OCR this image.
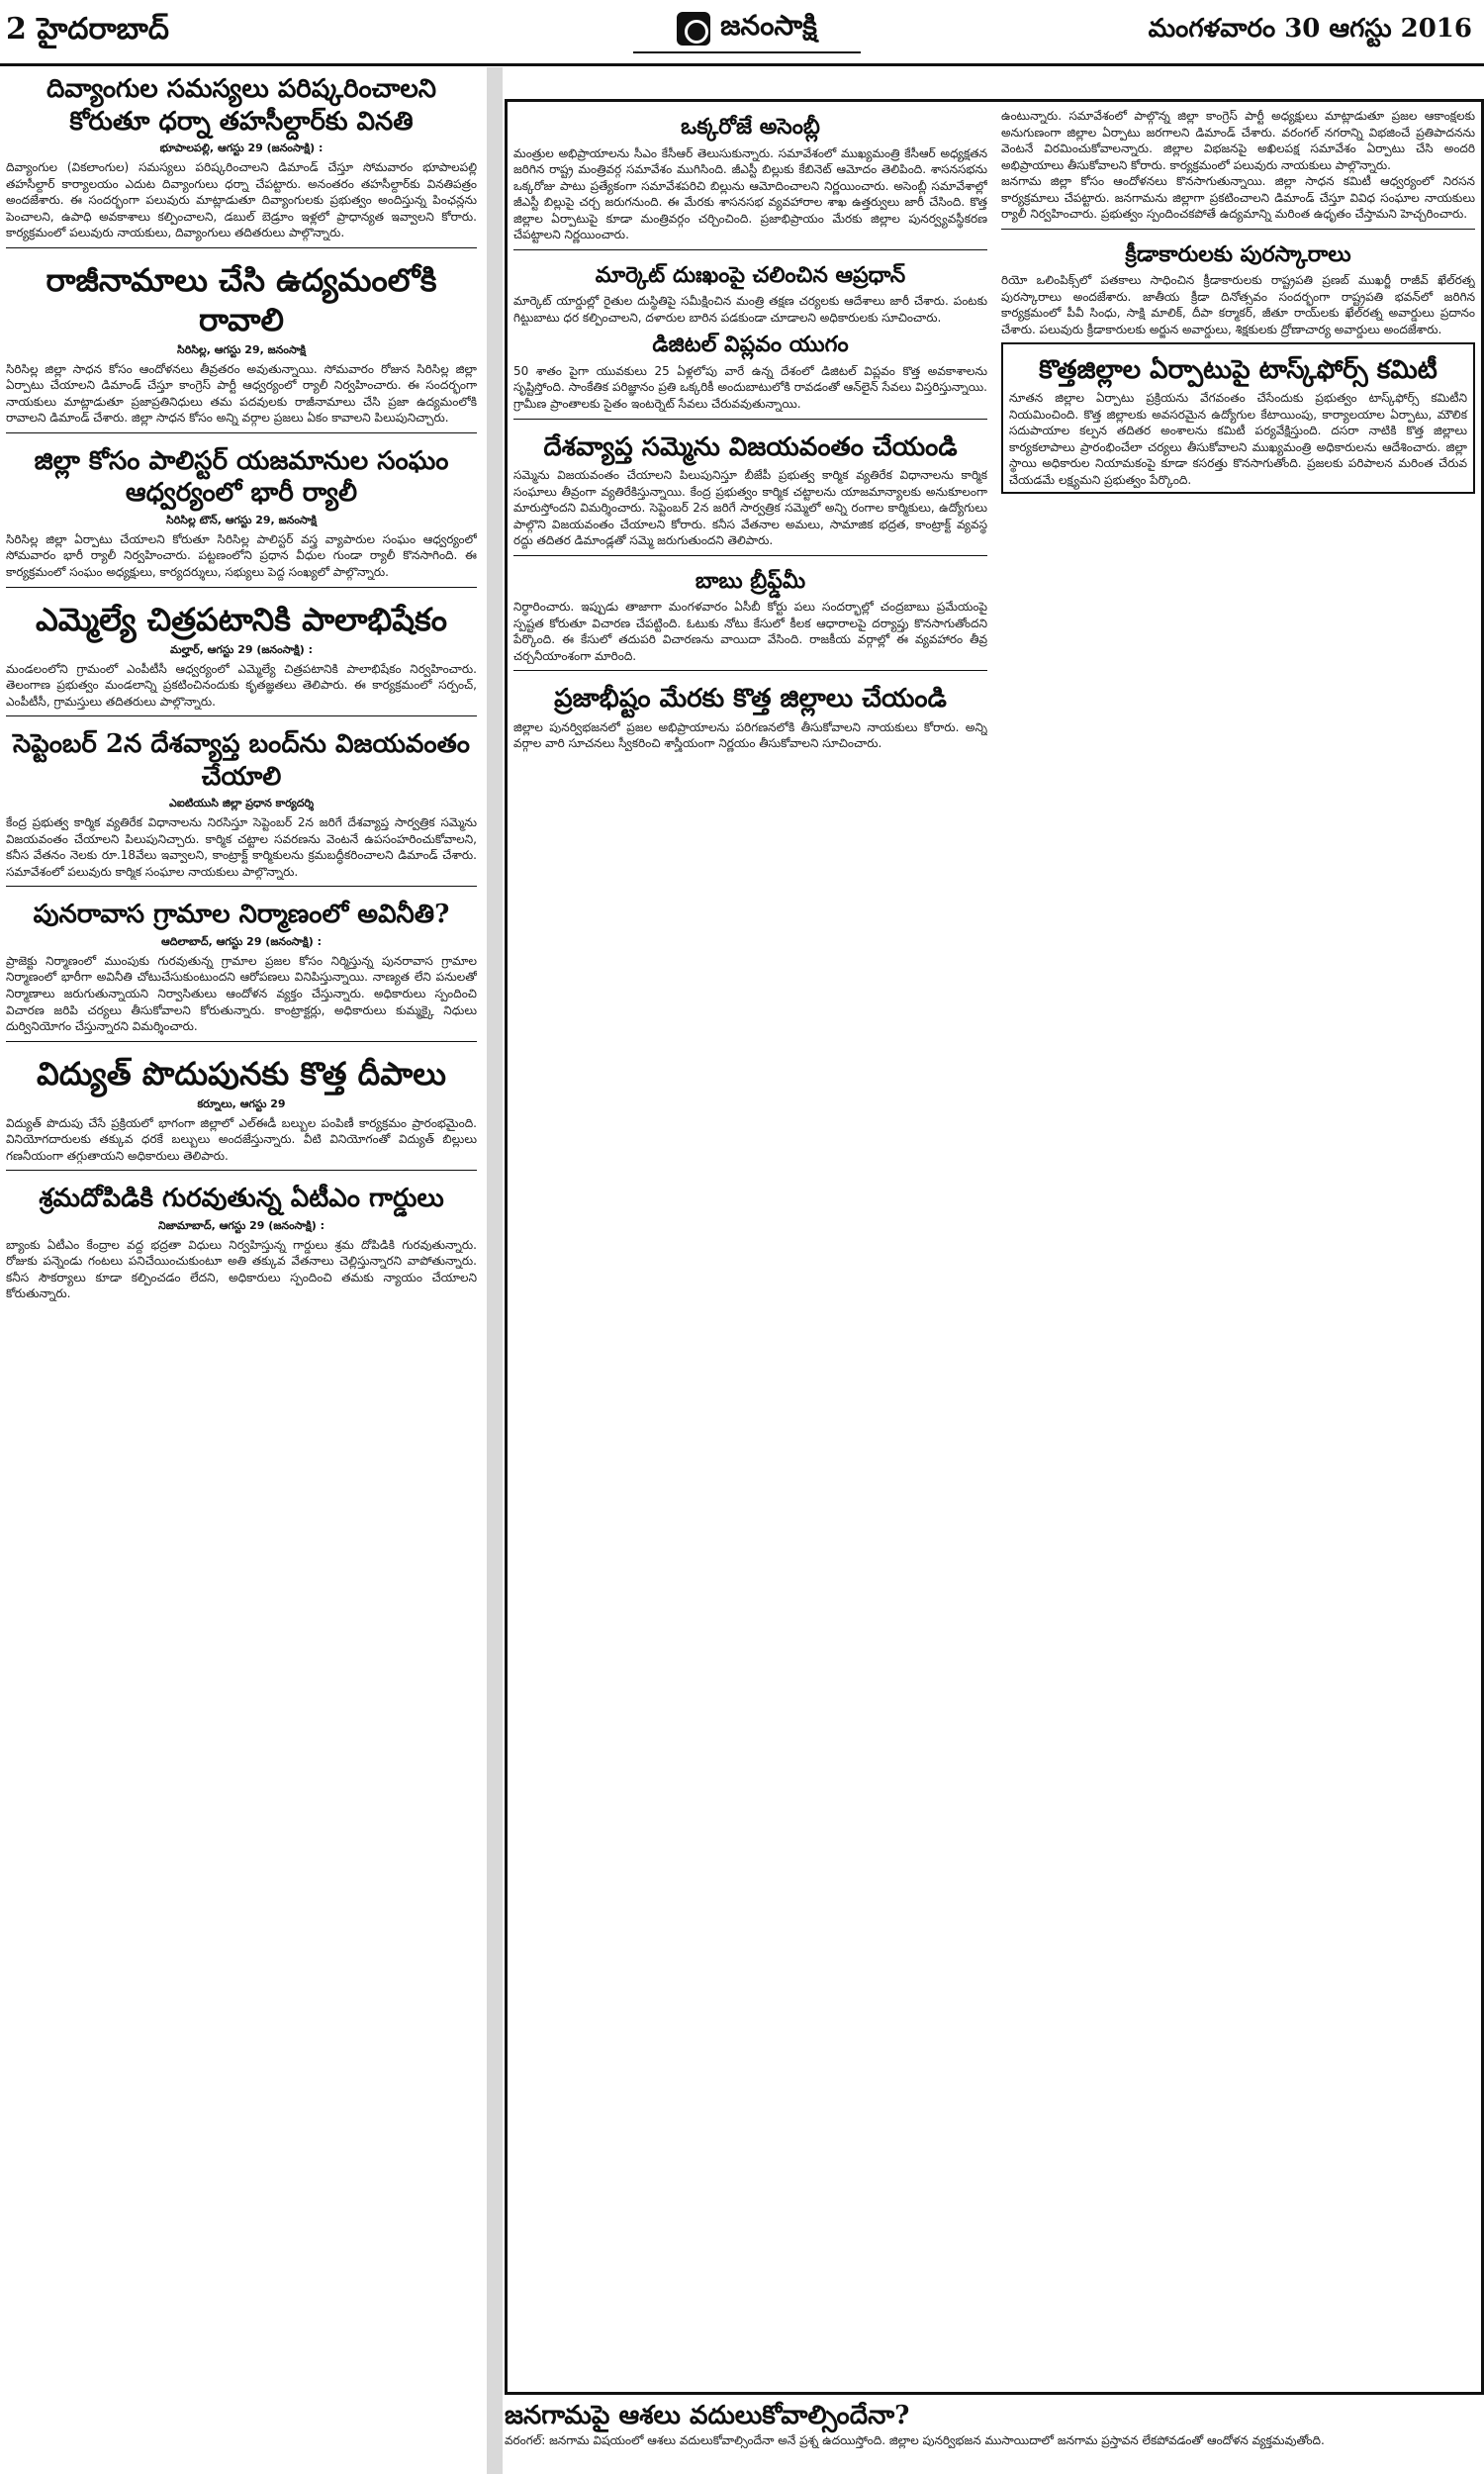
2 హైదరాబాద్	జనంసాక్షి	మంగళవారం 30 ఆగస్టు 2016
దివ్యాంగుల సమస్యలు పరిష్కరించాలని కోరుతూ ధర్నా తహసీల్దార్‌కు వినతి
భూపాలపల్లి, ఆగస్టు 29 (జనంసాక్షి) :

దివ్యాంగుల (వికలాంగుల) సమస్యలు పరిష్కరించాలని డిమాండ్ చేస్తూ సోమవారం భూపాలపల్లి తహసీల్దార్ కార్యాలయం ఎదుట దివ్యాంగులు ధర్నా చేపట్టారు. అనంతరం తహసీల్దార్‌కు వినతిపత్రం అందజేశారు. ఈ సందర్భంగా పలువురు మాట్లాడుతూ దివ్యాంగులకు ప్రభుత్వం అందిస్తున్న పింఛన్లను పెంచాలని, ఉపాధి అవకాశాలు కల్పించాలని, డబుల్ బెడ్రూం ఇళ్లలో ప్రాధాన్యత ఇవ్వాలని కోరారు. కార్యక్రమంలో పలువురు నాయకులు, దివ్యాంగులు తదితరులు పాల్గొన్నారు.

రాజీనామాలు చేసి ఉద్యమంలోకి రావాలి
సిరిసిల్ల, ఆగస్టు 29, జనంసాక్షి

సిరిసిల్ల జిల్లా సాధన కోసం ఆందోళనలు తీవ్రతరం అవుతున్నాయి. సోమవారం రోజున సిరిసిల్ల జిల్లా ఏర్పాటు చేయాలని డిమాండ్ చేస్తూ కాంగ్రెస్ పార్టీ ఆధ్వర్యంలో ర్యాలీ నిర్వహించారు. ఈ సందర్భంగా నాయకులు మాట్లాడుతూ ప్రజాప్రతినిధులు తమ పదవులకు రాజీనామాలు చేసి ప్రజా ఉద్యమంలోకి రావాలని డిమాండ్ చేశారు. జిల్లా సాధన కోసం అన్ని వర్గాల ప్రజలు ఏకం కావాలని పిలుపునిచ్చారు.

జిల్లా కోసం పాలిస్టర్ యజమానుల సంఘం ఆధ్వర్యంలో భారీ ర్యాలీ
సిరిసిల్ల టౌన్, ఆగస్టు 29, జనంసాక్షి

సిరిసిల్ల జిల్లా ఏర్పాటు చేయాలని కోరుతూ సిరిసిల్ల పాలిస్టర్ వస్త్ర వ్యాపారుల సంఘం ఆధ్వర్యంలో సోమవారం భారీ ర్యాలీ నిర్వహించారు. పట్టణంలోని ప్రధాన వీధుల గుండా ర్యాలీ కొనసాగింది. ఈ కార్యక్రమంలో సంఘం అధ్యక్షులు, కార్యదర్శులు, సభ్యులు పెద్ద సంఖ్యలో పాల్గొన్నారు.

ఎమ్మెల్యే చిత్రపటానికి పాలాభిషేకం
మల్హార్, ఆగస్టు 29 (జనంసాక్షి) :

మండలంలోని గ్రామంలో ఎంపీటీసీ ఆధ్వర్యంలో ఎమ్మెల్యే చిత్రపటానికి పాలాభిషేకం నిర్వహించారు. తెలంగాణ ప్రభుత్వం మండలాన్ని ప్రకటించినందుకు కృతజ్ఞతలు తెలిపారు. ఈ కార్యక్రమంలో సర్పంచ్, ఎంపీటీసీ, గ్రామస్తులు తదితరులు పాల్గొన్నారు.

సెప్టెంబర్ 2న దేశవ్యాప్త బంద్‌ను విజయవంతం చేయాలి
ఎఐటియుసి జిల్లా ప్రధాన కార్యదర్శి

కేంద్ర ప్రభుత్వ కార్మిక వ్యతిరేక విధానాలను నిరసిస్తూ సెప్టెంబర్ 2న జరిగే దేశవ్యాప్త సార్వత్రిక సమ్మెను విజయవంతం చేయాలని పిలుపునిచ్చారు. కార్మిక చట్టాల సవరణను వెంటనే ఉపసంహరించుకోవాలని, కనీస వేతనం నెలకు రూ.18వేలు ఇవ్వాలని, కాంట్రాక్ట్ కార్మికులను క్రమబద్ధీకరించాలని డిమాండ్ చేశారు. సమావేశంలో పలువురు కార్మిక సంఘాల నాయకులు పాల్గొన్నారు.

పునరావాస గ్రామాల నిర్మాణంలో అవినీతి?
ఆదిలాబాద్, ఆగస్టు 29 (జనంసాక్షి) :

ప్రాజెక్టు నిర్మాణంలో ముంపుకు గురవుతున్న గ్రామాల ప్రజల కోసం నిర్మిస్తున్న పునరావాస గ్రామాల నిర్మాణంలో భారీగా అవినీతి చోటుచేసుకుంటుందని ఆరోపణలు వినిపిస్తున్నాయి. నాణ్యత లేని పనులతో నిర్మాణాలు జరుగుతున్నాయని నిర్వాసితులు ఆందోళన వ్యక్తం చేస్తున్నారు. అధికారులు స్పందించి విచారణ జరిపి చర్యలు తీసుకోవాలని కోరుతున్నారు. కాంట్రాక్టర్లు, అధికారులు కుమ్మక్కై నిధులు దుర్వినియోగం చేస్తున్నారని విమర్శించారు.

విద్యుత్ పొదుపునకు కొత్త దీపాలు
కర్నూలు, ఆగస్టు 29

విద్యుత్ పొదుపు చేసే ప్రక్రియలో భాగంగా జిల్లాలో ఎల్ఈడీ బల్బుల పంపిణీ కార్యక్రమం ప్రారంభమైంది. వినియోగదారులకు తక్కువ ధరకే బల్బులు అందజేస్తున్నారు. వీటి వినియోగంతో విద్యుత్ బిల్లులు గణనీయంగా తగ్గుతాయని అధికారులు తెలిపారు.

శ్రమదోపిడికి గురవుతున్న ఏటీఎం గార్డులు
నిజామాబాద్, ఆగస్టు 29 (జనంసాక్షి) :

బ్యాంకు ఏటీఎం కేంద్రాల వద్ద భద్రతా విధులు నిర్వహిస్తున్న గార్డులు శ్రమ దోపిడికి గురవుతున్నారు. రోజుకు పన్నెండు గంటలు పనిచేయించుకుంటూ అతి తక్కువ వేతనాలు చెల్లిస్తున్నారని వాపోతున్నారు. కనీస సౌకర్యాలు కూడా కల్పించడం లేదని, అధికారులు స్పందించి తమకు న్యాయం చేయాలని కోరుతున్నారు.

ఒక్కరోజే అసెంబ్లీ

మంత్రుల అభిప్రాయాలను సీఎం కేసీఆర్ తెలుసుకున్నారు. సమావేశంలో ముఖ్యమంత్రి కేసీఆర్ అధ్యక్షతన జరిగిన రాష్ట్ర మంత్రివర్గ సమావేశం ముగిసింది. జీఎస్టీ బిల్లుకు కేబినెట్ ఆమోదం తెలిపింది. శాసనసభను ఒక్కరోజు పాటు ప్రత్యేకంగా సమావేశపరిచి బిల్లును ఆమోదించాలని నిర్ణయించారు. అసెంబ్లీ సమావేశాల్లో జీఎస్టీ బిల్లుపై చర్చ జరుగనుంది. ఈ మేరకు శాసనసభ వ్యవహారాల శాఖ ఉత్తర్వులు జారీ చేసింది. కొత్త జిల్లాల ఏర్పాటుపై కూడా మంత్రివర్గం చర్చించింది. ప్రజాభిప్రాయం మేరకు జిల్లాల పునర్వ్యవస్థీకరణ చేపట్టాలని నిర్ణయించారు.

మార్కెట్ దుఃఖంపై చలించిన ఆప్రధాన్

మార్కెట్ యార్డుల్లో రైతుల దుస్థితిపై సమీక్షించిన మంత్రి తక్షణ చర్యలకు ఆదేశాలు జారీ చేశారు. పంటకు గిట్టుబాటు ధర కల్పించాలని, దళారుల బారిన పడకుండా చూడాలని అధికారులకు సూచించారు.

డిజిటల్ విప్లవం యుగం

50 శాతం పైగా యువకులు 25 ఏళ్లలోపు వారే ఉన్న దేశంలో డిజిటల్ విప్లవం కొత్త అవకాశాలను సృష్టిస్తోంది. సాంకేతిక పరిజ్ఞానం ప్రతి ఒక్కరికీ అందుబాటులోకి రావడంతో ఆన్‌లైన్ సేవలు విస్తరిస్తున్నాయి. గ్రామీణ ప్రాంతాలకు సైతం ఇంటర్నెట్ సేవలు చేరువవుతున్నాయి.

దేశవ్యాప్త సమ్మెను విజయవంతం చేయండి

సమ్మెను విజయవంతం చేయాలని పిలుపునిస్తూ బీజేపీ ప్రభుత్వ కార్మిక వ్యతిరేక విధానాలను కార్మిక సంఘాలు తీవ్రంగా వ్యతిరేకిస్తున్నాయి. కేంద్ర ప్రభుత్వం కార్మిక చట్టాలను యాజమాన్యాలకు అనుకూలంగా మారుస్తోందని విమర్శించారు. సెప్టెంబర్ 2న జరిగే సార్వత్రిక సమ్మెలో అన్ని రంగాల కార్మికులు, ఉద్యోగులు పాల్గొని విజయవంతం చేయాలని కోరారు. కనీస వేతనాల అమలు, సామాజిక భద్రత, కాంట్రాక్ట్ వ్యవస్థ రద్దు తదితర డిమాండ్లతో సమ్మె జరుగుతుందని తెలిపారు.

బాబు బ్రీఫ్డ్‌మీ

నిర్ధారించారు. ఇప్పుడు తాజాగా మంగళవారం ఏసీబీ కోర్టు పలు సందర్భాల్లో చంద్రబాబు ప్రమేయంపై స్పష్టత కోరుతూ విచారణ చేపట్టింది. ఓటుకు నోటు కేసులో కీలక ఆధారాలపై దర్యాప్తు కొనసాగుతోందని పేర్కొంది. ఈ కేసులో తదుపరి విచారణను వాయిదా వేసింది. రాజకీయ వర్గాల్లో ఈ వ్యవహారం తీవ్ర చర్చనీయాంశంగా మారింది.

ప్రజాభీష్టం మేరకు కొత్త జిల్లాలు చేయండి

జిల్లాల పునర్విభజనలో ప్రజల అభిప్రాయాలను పరిగణనలోకి తీసుకోవాలని నాయకులు కోరారు. అన్ని వర్గాల వారి సూచనలు స్వీకరించి శాస్త్రీయంగా నిర్ణయం తీసుకోవాలని సూచించారు.

ఉంటున్నారు. సమావేశంలో పాల్గొన్న జిల్లా కాంగ్రెస్ పార్టీ అధ్యక్షులు మాట్లాడుతూ ప్రజల ఆకాంక్షలకు అనుగుణంగా జిల్లాల ఏర్పాటు జరగాలని డిమాండ్ చేశారు. వరంగల్ నగరాన్ని విభజించే ప్రతిపాదనను వెంటనే విరమించుకోవాలన్నారు. జిల్లాల విభజనపై అఖిలపక్ష సమావేశం ఏర్పాటు చేసి అందరి అభిప్రాయాలు తీసుకోవాలని కోరారు. కార్యక్రమంలో పలువురు నాయకులు పాల్గొన్నారు.

జనగామ జిల్లా కోసం ఆందోళనలు కొనసాగుతున్నాయి. జిల్లా సాధన కమిటీ ఆధ్వర్యంలో నిరసన కార్యక్రమాలు చేపట్టారు. జనగామను జిల్లాగా ప్రకటించాలని డిమాండ్ చేస్తూ వివిధ సంఘాల నాయకులు ర్యాలీ నిర్వహించారు. ప్రభుత్వం స్పందించకపోతే ఉద్యమాన్ని మరింత ఉధృతం చేస్తామని హెచ్చరించారు.

క్రీడాకారులకు పురస్కారాలు

రియో ఒలింపిక్స్‌లో పతకాలు సాధించిన క్రీడాకారులకు రాష్ట్రపతి ప్రణబ్ ముఖర్జీ రాజీవ్ ఖేల్‌రత్న పురస్కారాలు అందజేశారు. జాతీయ క్రీడా దినోత్సవం సందర్భంగా రాష్ట్రపతి భవన్‌లో జరిగిన కార్యక్రమంలో పీవీ సింధు, సాక్షి మాలిక్, దీపా కర్మాకర్, జీతూ రాయ్‌లకు ఖేల్‌రత్న అవార్డులు ప్రదానం చేశారు. పలువురు క్రీడాకారులకు అర్జున అవార్డులు, శిక్షకులకు ద్రోణాచార్య అవార్డులు అందజేశారు.

కొత్తజిల్లాల ఏర్పాటుపై టాస్క్‌ఫోర్స్ కమిటీ

నూతన జిల్లాల ఏర్పాటు ప్రక్రియను వేగవంతం చేసేందుకు ప్రభుత్వం టాస్క్‌ఫోర్స్ కమిటీని నియమించింది. కొత్త జిల్లాలకు అవసరమైన ఉద్యోగుల కేటాయింపు, కార్యాలయాల ఏర్పాటు, మౌలిక సదుపాయాల కల్పన తదితర అంశాలను కమిటీ పర్యవేక్షిస్తుంది. దసరా నాటికి కొత్త జిల్లాలు కార్యకలాపాలు ప్రారంభించేలా చర్యలు తీసుకోవాలని ముఖ్యమంత్రి అధికారులను ఆదేశించారు. జిల్లా స్థాయి అధికారుల నియామకంపై కూడా కసరత్తు కొనసాగుతోంది. ప్రజలకు పరిపాలన మరింత చేరువ చేయడమే లక్ష్యమని ప్రభుత్వం పేర్కొంది.

జనగామపై ఆశలు వదులుకోవాల్సిందేనా?

వరంగల్: జనగామ విషయంలో ఆశలు వదులుకోవాల్సిందేనా అనే ప్రశ్న ఉదయిస్తోంది. జిల్లాల పునర్విభజన ముసాయిదాలో జనగామ ప్రస్తావన లేకపోవడంతో ఆందోళన వ్యక్తమవుతోంది.
